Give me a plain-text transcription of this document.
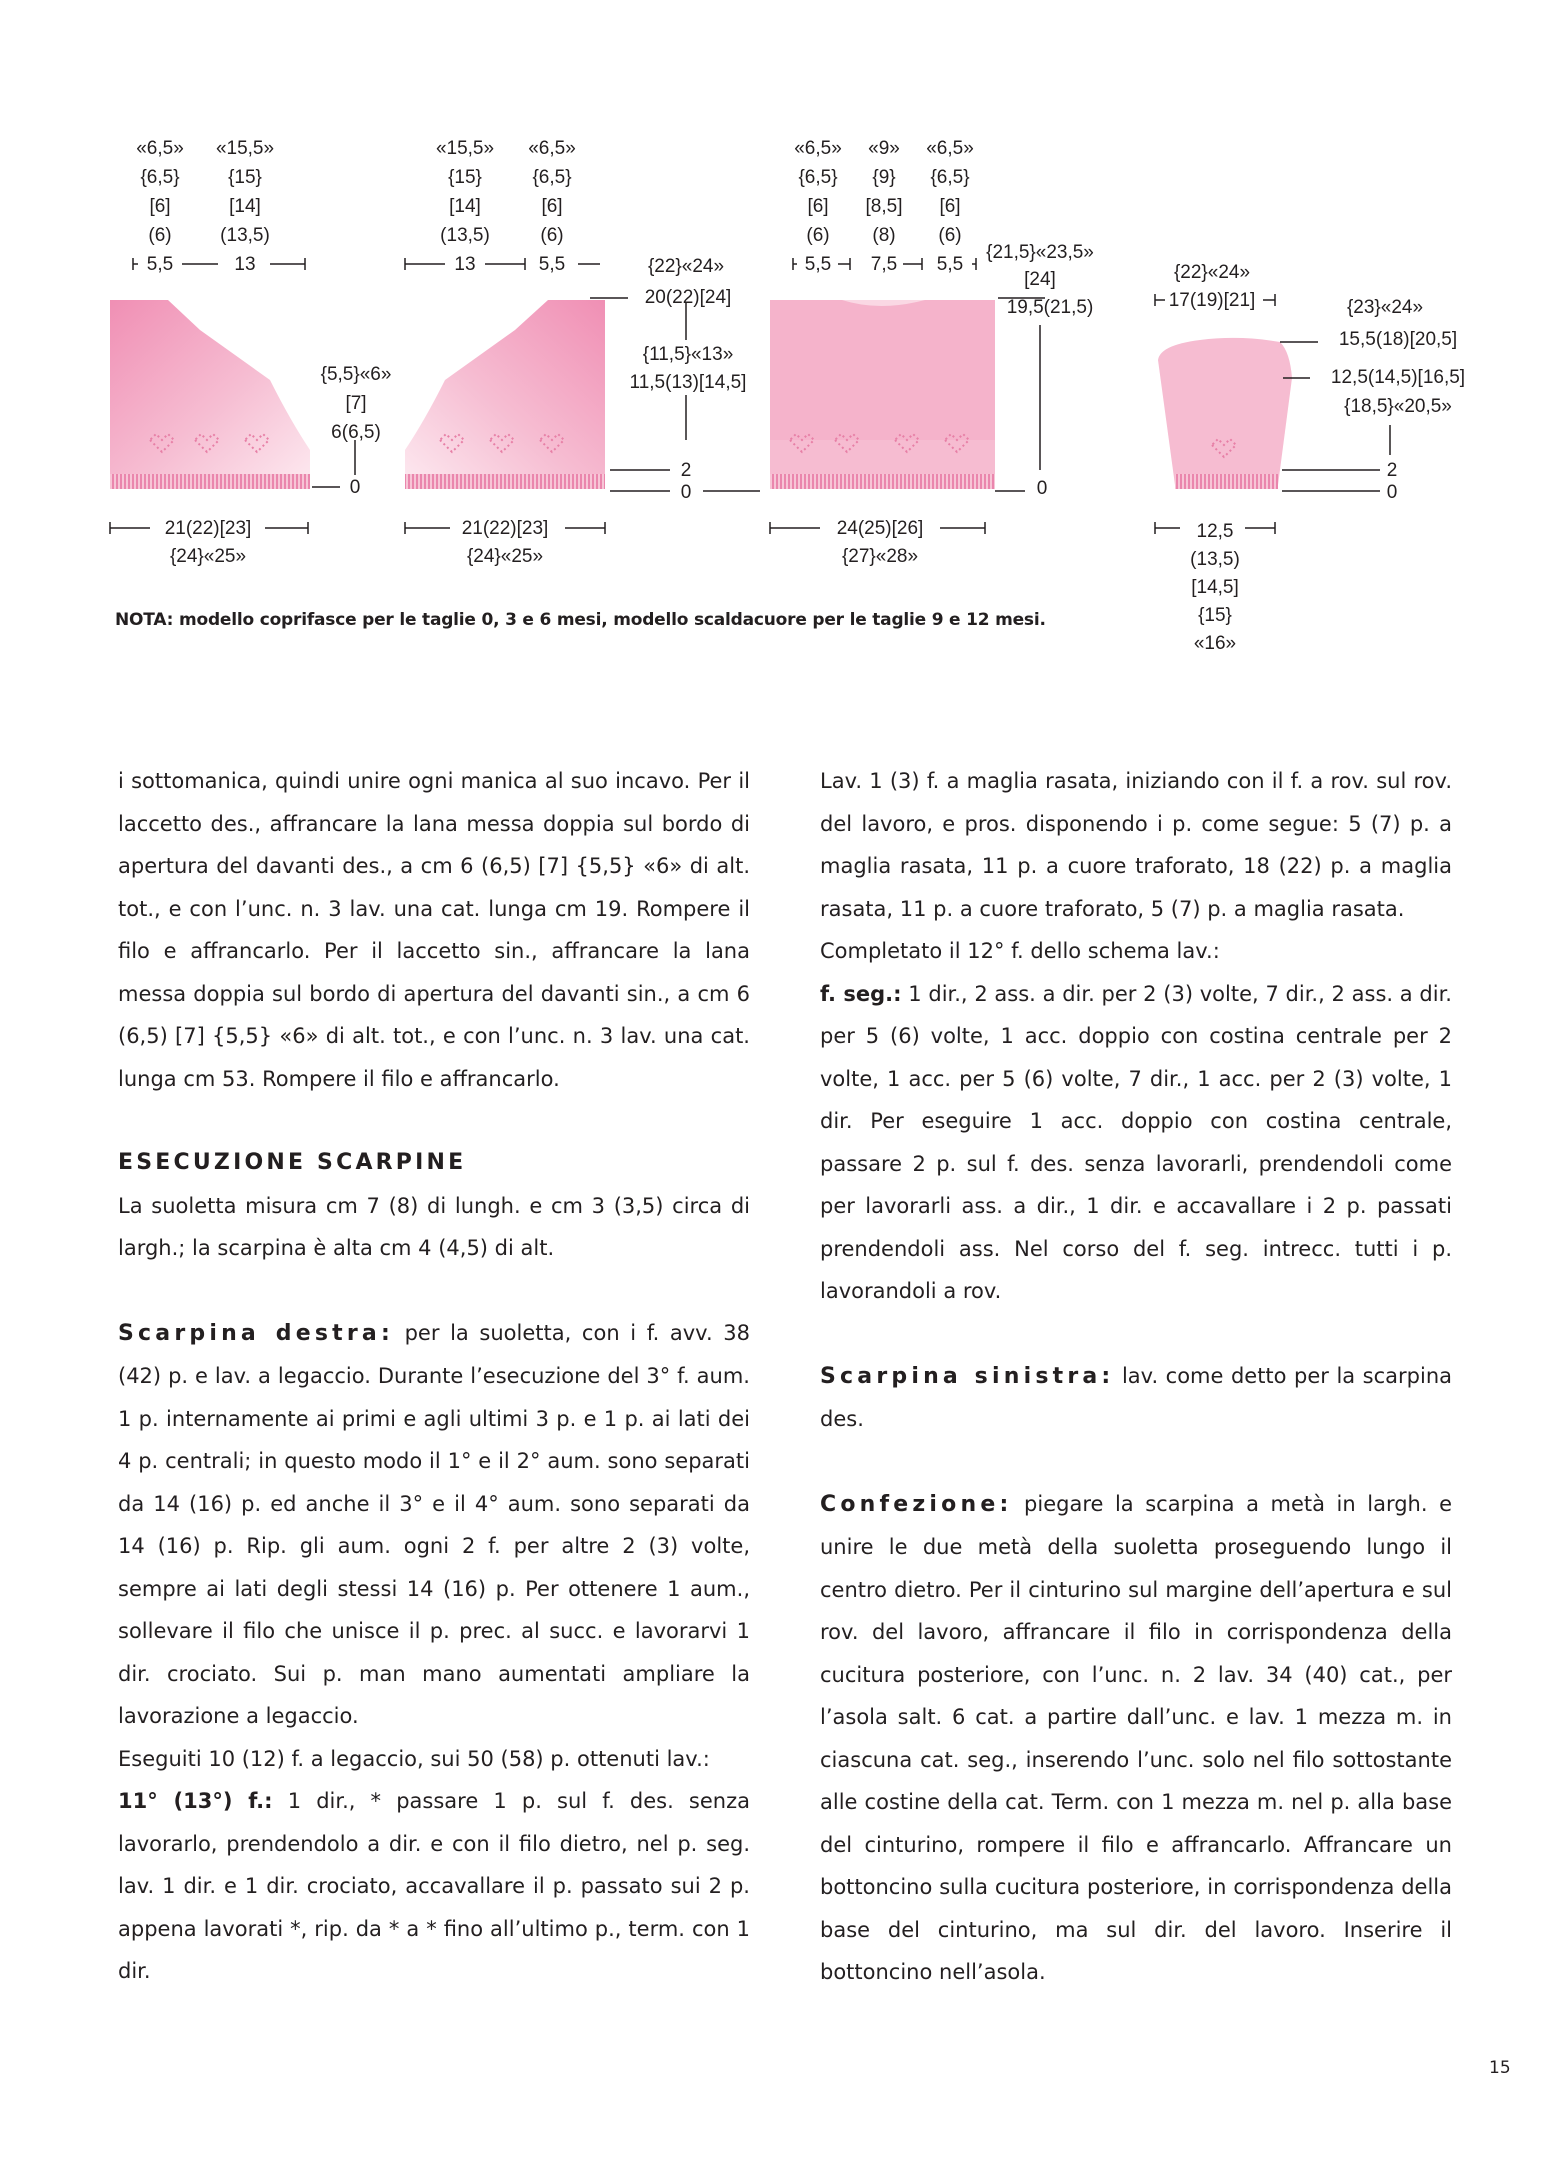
«6,5»
{6,5}
[6]
(6)
5,5
«15,5»
{15}
[14]
(13,5)
13
{5,5}«6»
[7]
6(6,5)
0
21(22)[23]
{24}«25»
«15,5»
{15}
[14]
(13,5)
13
«6,5»
{6,5}
[6]
(6)
5,5	{22}«24»
20(22)[24]
{11,5}«13»
11,5(13)[14,5]
2
0
21(22)[23]
{24}«25»
«6,5»
{6,5}
[6]
(6)
5,5
«9»
{9}
[8,5]
(8)
7,5
«6,5»
{6,5}
[6]
(6)
5,5
{21,5}«23,5»
[24]
19,5(21,5)
0
24(25)[26]
{27}«28»
{22}«24»
17(19)[21]	{23}«24»
15,5(18)[20,5]
12,5(14,5)[16,5]
{18,5}«20,5»
2
0
12,5
(13,5)
[14,5]
{15}
«16»
NOTA: modello coprifasce per le taglie 0, 3 e 6 mesi, modello scaldacuore per le taglie 9 e 12 mesi.

i sottomanica, quindi unire ogni manica al suo incavo. Per il laccetto des., affrancare la lana messa doppia sul bordo di apertura del davanti des., a cm 6 (6,5) [7] {5,5} «6» di alt. tot., e con l’unc. n. 3 lav. una cat. lunga cm 19. Rompere il filo e affrancarlo. Per il laccetto sin., affrancare la lana messa doppia sul bordo di apertura del davanti sin., a cm 6 (6,5) [7] {5,5} «6» di alt. tot., e con l’unc. n. 3 lav. una cat. lunga cm 53. Rompere il filo e affrancarlo.

ESECUZIONE SCARPINE

La suoletta misura cm 7 (8) di lungh. e cm 3 (3,5) circa di largh.; la scarpina è alta cm 4 (4,5) di alt.

Scarpina destra: per la suoletta, con i f. avv. 38 (42) p. e lav. a legaccio. Durante l’esecuzione del 3° f. aum. 1 p. internamente ai primi e agli ultimi 3 p. e 1 p. ai lati dei 4 p. centrali; in questo modo il 1° e il 2° aum. sono separati da 14 (16) p. ed anche il 3° e il 4° aum. sono separati da 14 (16) p. Rip. gli aum. ogni 2 f. per altre 2 (3) volte, sempre ai lati degli stessi 14 (16) p. Per ottenere 1 aum., sollevare il filo che unisce il p. prec. al succ. e lavorarvi 1 dir. crociato. Sui p. man mano aumentati ampliare la lavorazione a legaccio.

Eseguiti 10 (12) f. a legaccio, sui 50 (58) p. ottenuti lav.:

11° (13°) f.: 1 dir., * passare 1 p. sul f. des. senza lavorarlo, prendendolo a dir. e con il filo dietro, nel p. seg. lav. 1 dir. e 1 dir. crociato, accavallare il p. passato sui 2 p. appena lavorati *, rip. da * a * fino all’ultimo p., term. con 1 dir.

Lav. 1 (3) f. a maglia rasata, iniziando con il f. a rov. sul rov. del lavoro, e pros. disponendo i p. come segue: 5 (7) p. a maglia rasata, 11 p. a cuore traforato, 18 (22) p. a maglia rasata, 11 p. a cuore traforato, 5 (7) p. a maglia rasata.

Completato il 12° f. dello schema lav.:

f. seg.: 1 dir., 2 ass. a dir. per 2 (3) volte, 7 dir., 2 ass. a dir. per 5 (6) volte, 1 acc. doppio con costina centrale per 2 volte, 1 acc. per 5 (6) volte, 7 dir., 1 acc. per 2 (3) volte, 1 dir. Per eseguire 1 acc. doppio con costina centrale, passare 2 p. sul f. des. senza lavorarli, prendendoli come per lavorarli ass. a dir., 1 dir. e accavallare i 2 p. passati prendendoli ass. Nel corso del f. seg. intrecc. tutti i p. lavorandoli a rov.

Scarpina sinistra: lav. come detto per la scarpina des.

Confezione: piegare la scarpina a metà in largh. e unire le due metà della suoletta proseguendo lungo il centro dietro. Per il cinturino sul margine dell’apertura e sul rov. del lavoro, affrancare il filo in corrispondenza della cucitura posteriore, con l’unc. n. 2 lav. 34 (40) cat., per l’asola salt. 6 cat. a partire dall’unc. e lav. 1 mezza m. in ciascuna cat. seg., inserendo l’unc. solo nel filo sottostante alle costine della cat. Term. con 1 mezza m. nel p. alla base del cinturino, rompere il filo e affrancarlo. Affrancare un bottoncino sulla cucitura posteriore, in corrispondenza della base del cinturino, ma sul dir. del lavoro. Inserire il bottoncino nell’asola.

15
